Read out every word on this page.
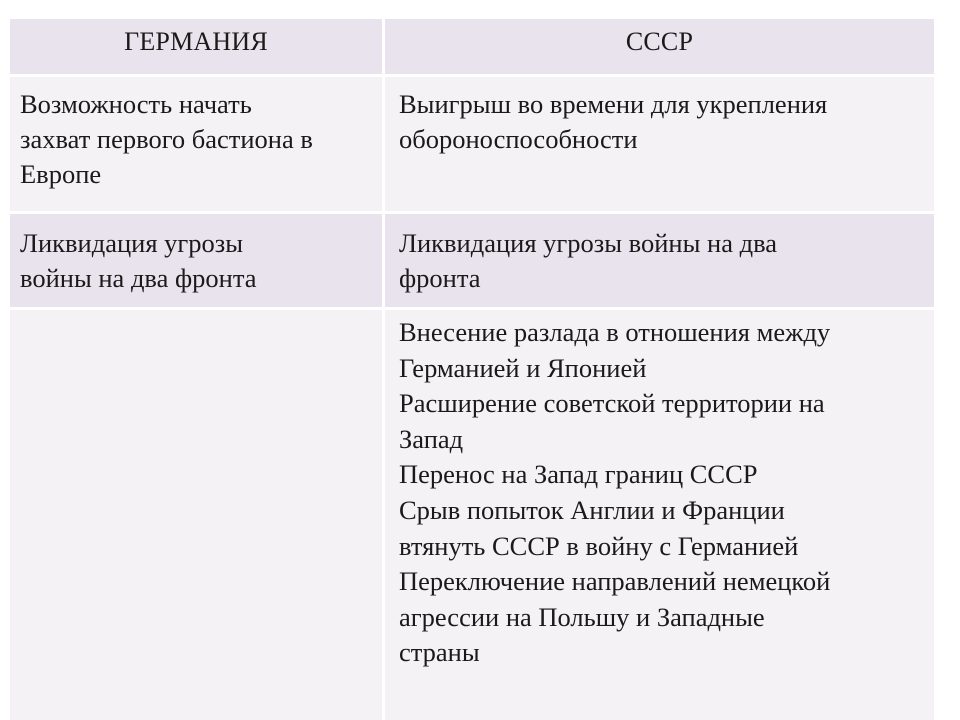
ГЕРМАНИЯ	СССР
Возможность начать
захват первого бастиона в
Европе
Выигрыш во времени для укрепления
обороноспособности
Ликвидация угрозы
войны на два фронта
Ликвидация угрозы войны на два
фронта
Внесение разлада в отношения между
Германией и Японией
Расширение советской территории на
Запад
Перенос на Запад границ СССР
Срыв попыток Англии и Франции
втянуть СССР в войну с Германией
Переключение направлений немецкой
агрессии на Польшу и Западные
страны
